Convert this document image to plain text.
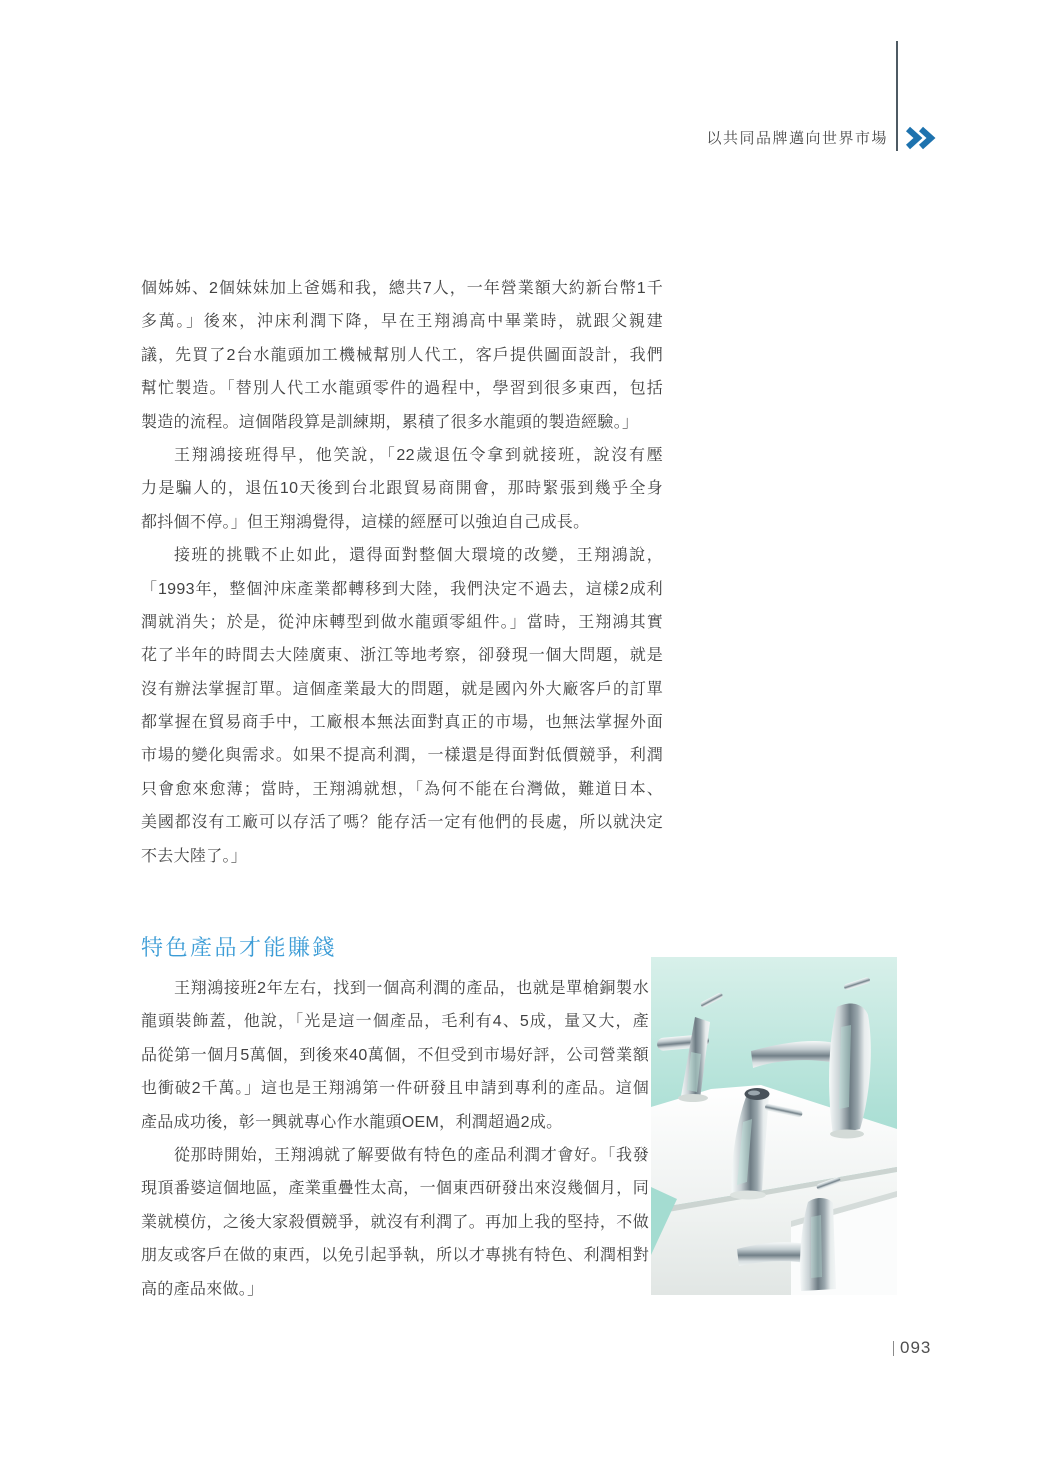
以共同品牌邁向世界市場
個姊姊、2個妹妹加上爸媽和我，總共7人，一年營業額大約新台幣1千
多萬。」後來，沖床利潤下降，早在王翔鴻高中畢業時，就跟父親建
議，先買了2台水龍頭加工機械幫別人代工，客戶提供圖面設計，我們
幫忙製造。「替別人代工水龍頭零件的過程中，學習到很多東西，包括
製造的流程。這個階段算是訓練期，累積了很多水龍頭的製造經驗。」
王翔鴻接班得早，他笑說，「22歲退伍令拿到就接班，說沒有壓
力是騙人的，退伍10天後到台北跟貿易商開會，那時緊張到幾乎全身
都抖個不停。」但王翔鴻覺得，這樣的經歷可以強迫自己成長。
接班的挑戰不止如此，還得面對整個大環境的改變，王翔鴻說，
「1993年，整個沖床產業都轉移到大陸，我們決定不過去，這樣2成利
潤就消失；於是，從沖床轉型到做水龍頭零組件。」當時，王翔鴻其實
花了半年的時間去大陸廣東、浙江等地考察，卻發現一個大問題，就是
沒有辦法掌握訂單。這個產業最大的問題，就是國內外大廠客戶的訂單
都掌握在貿易商手中，工廠根本無法面對真正的市場，也無法掌握外面
市場的變化與需求。如果不提高利潤，一樣還是得面對低價競爭，利潤
只會愈來愈薄；當時，王翔鴻就想，「為何不能在台灣做，難道日本、
美國都沒有工廠可以存活了嗎？能存活一定有他們的長處，所以就決定
不去大陸了。」
特色產品才能賺錢
王翔鴻接班2年左右，找到一個高利潤的產品，也就是單槍銅製水
龍頭裝飾蓋，他說，「光是這一個產品，毛利有4、5成，量又大，產
品從第一個月5萬個，到後來40萬個，不但受到市場好評，公司營業額
也衝破2千萬。」這也是王翔鴻第一件研發且申請到專利的產品。這個
產品成功後，彰一興就專心作水龍頭OEM，利潤超過2成。
從那時開始，王翔鴻就了解要做有特色的產品利潤才會好。「我發
現頂番婆這個地區，產業重疊性太高，一個東西研發出來沒幾個月，同
業就模仿，之後大家殺價競爭，就沒有利潤了。再加上我的堅持，不做
朋友或客戶在做的東西，以免引起爭執，所以才專挑有特色、利潤相對
高的產品來做。」
093
